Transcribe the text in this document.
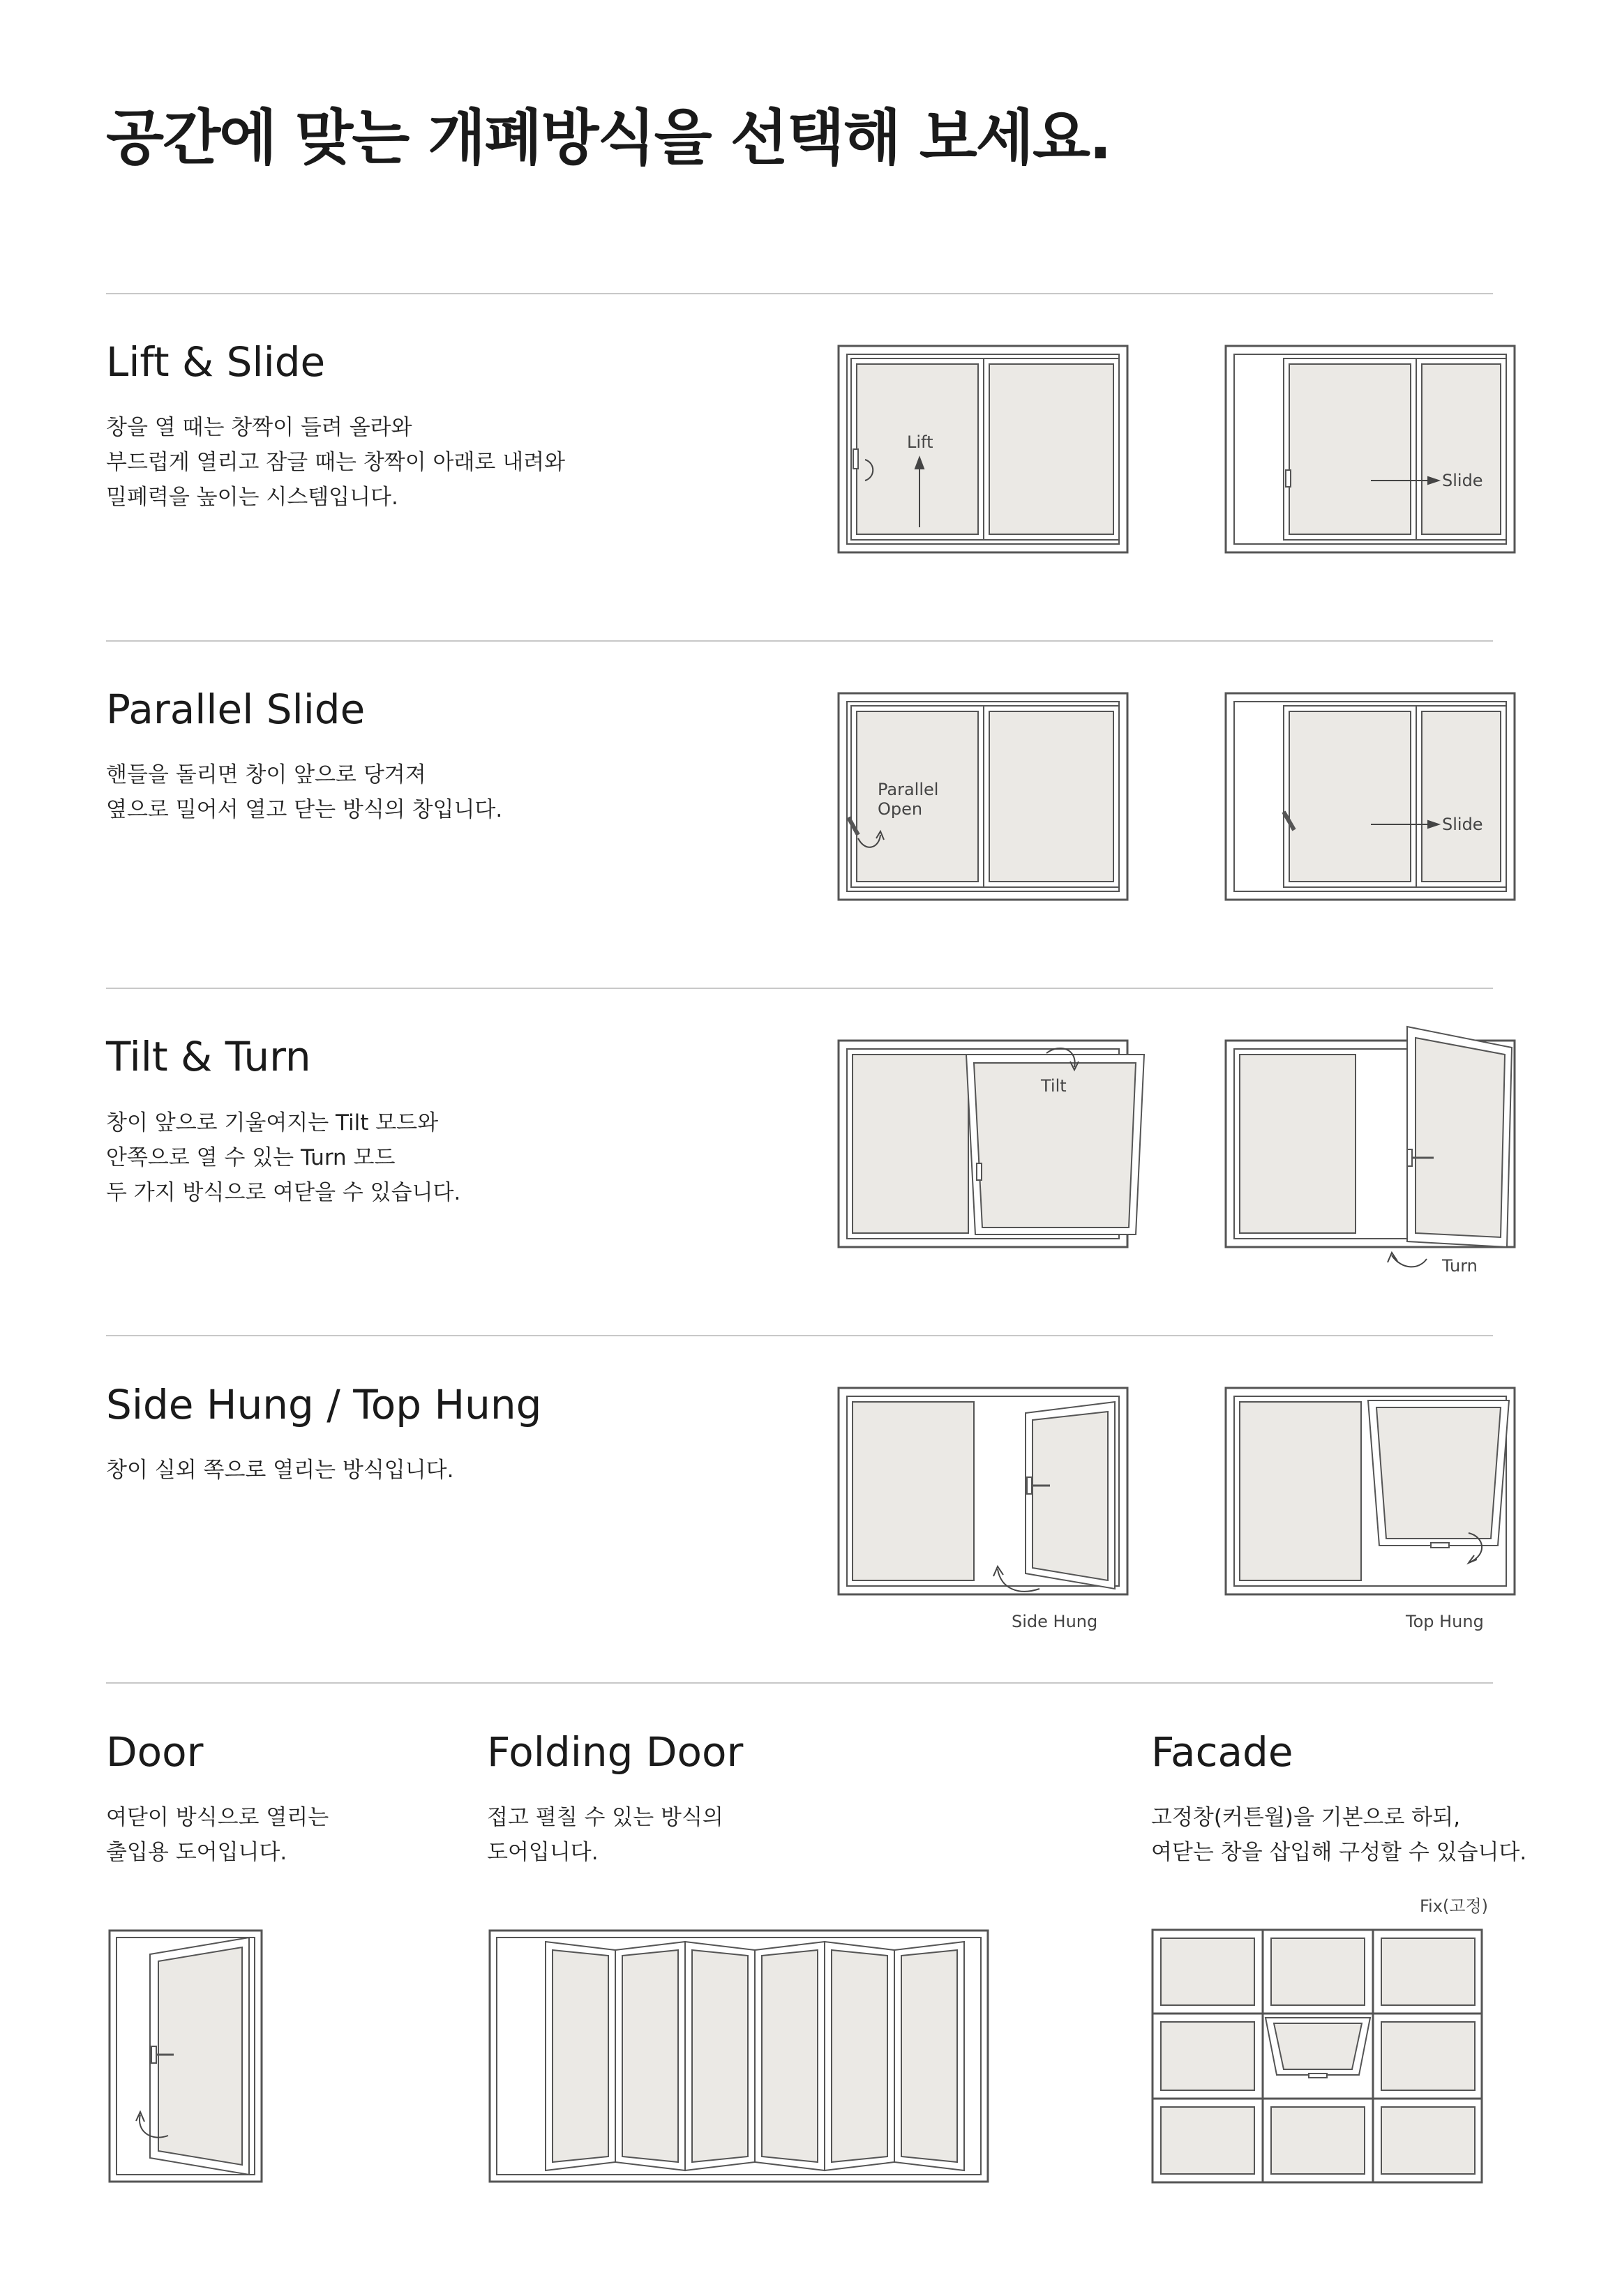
공간에 맞는 개폐방식을 선택해 보세요.
Lift & Slide
창을 열 때는 창짝이 들려 올라와
부드럽게 열리고 잠글 때는 창짝이 아래로 내려와
밀폐력을 높이는 시스템입니다.
Lift
Slide
Parallel Slide
핸들을 돌리면 창이 앞으로 당겨져
옆으로 밀어서 열고 닫는 방식의 창입니다.
Parallel
Open
Slide
Tilt & Turn
창이 앞으로 기울여지는 Tilt 모드와
안쪽으로 열 수 있는 Turn 모드
두 가지 방식으로 여닫을 수 있습니다.
Tilt
Turn
Side Hung / Top Hung
창이 실외 쪽으로 열리는 방식입니다.
Side Hung	Top Hung
Door
여닫이 방식으로 열리는
출입용 도어입니다.
Folding Door
접고 펼칠 수 있는 방식의
도어입니다.
Facade
고정창(커튼월)을 기본으로 하되,
여닫는 창을 삽입해 구성할 수 있습니다.
Fix(고정)
